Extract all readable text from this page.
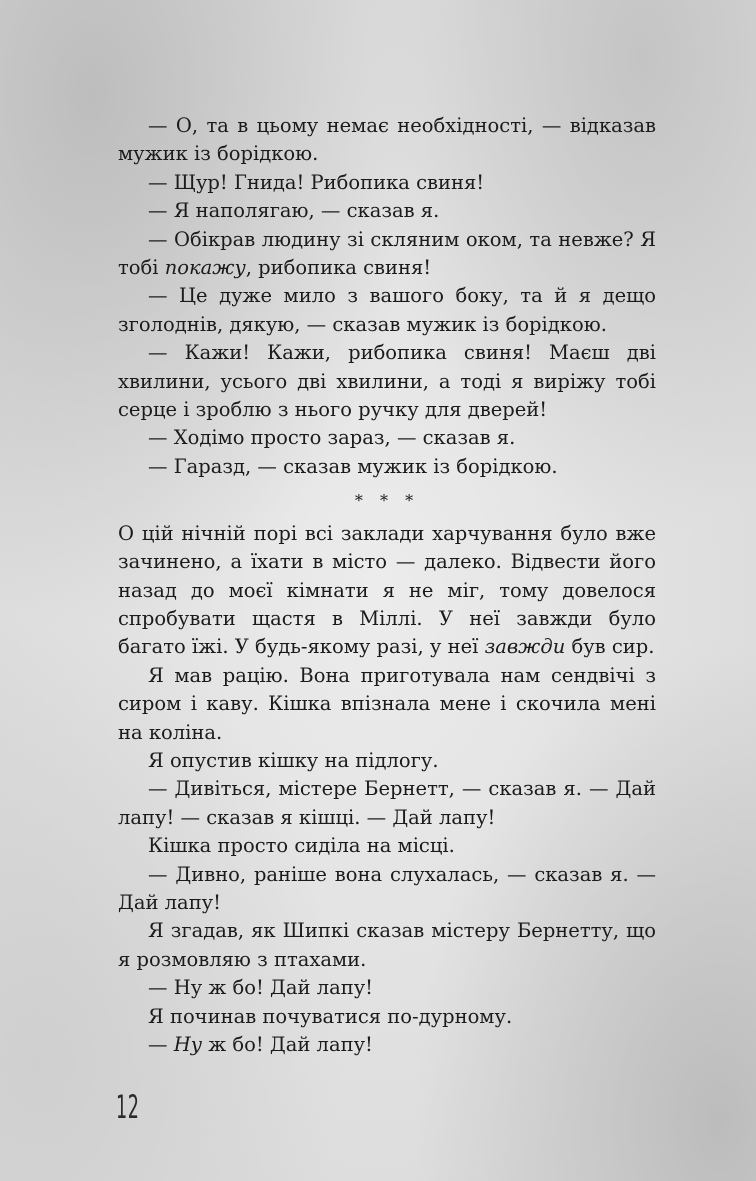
— О, та в цьому немає необхідності, — відказав мужик із борідкою.

— Щур! Гнида! Рибопика свиня!

— Я наполягаю, — сказав я.

— Обікрав людину зі скляним оком, та невже? Я тобі покажу, рибопика свиня!

— Це дуже мило з вашого боку, та й я дещо зголоднів, дякую, — сказав мужик із борідкою.

— Кажи! Кажи, рибопика свиня! Маєш дві хвилини, усього дві хвилини, а тоді я виріжу тобі серце і зроблю з нього ручку для дверей!

— Ходімо просто зараз, — сказав я.

— Гаразд, — сказав мужик із борідкою.

* * *

О цій нічній порі всі заклади харчування було вже зачинено, а їхати в місто — далеко. Відвести його назад до моєї кімнати я не міг, тому довелося спробувати щастя в Міллі. У неї завжди було багато їжі. У будь-якому разі, у неї завжди був сир.

Я мав рацію. Вона приготувала нам сендвічі з сиром і каву. Кішка впізнала мене і скочила мені на коліна.

Я опустив кішку на підлогу.

— Дивіться, містере Бернетт, — сказав я. — Дай лапу! — сказав я кішці. — Дай лапу!

Кішка просто сиділа на місці.

— Дивно, раніше вона слухалась, — сказав я. — Дай лапу!

Я згадав, як Шипкі сказав містеру Бернетту, що я розмовляю з птахами.

— Ну ж бо! Дай лапу!

Я починав почуватися по-дурному.

— Ну ж бо! Дай лапу!

12
